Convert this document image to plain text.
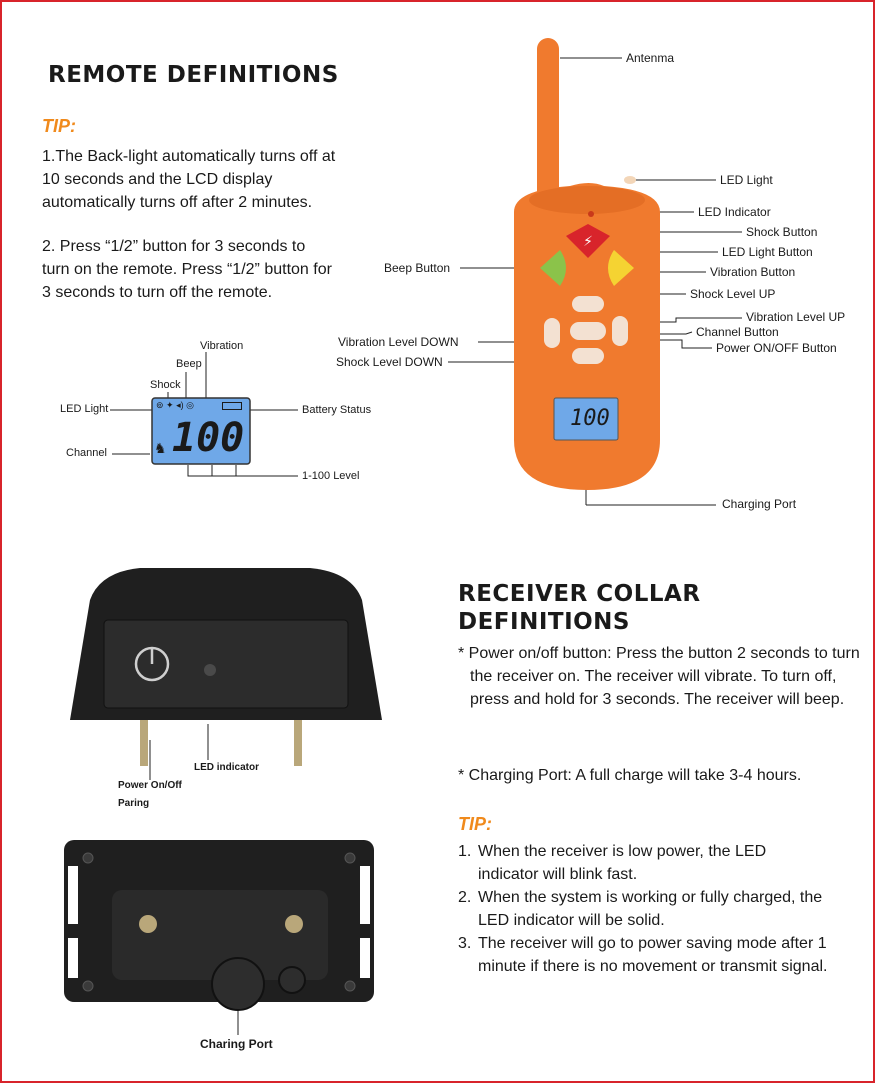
REMOTE DEFINITIONS
TIP:
1.The Back-light automatically turns off at 10 seconds and the LCD display automatically turns off after 2 minutes.
2. Press “1/2” button for 3 seconds to turn on the remote. Press “1/2” button for 3 seconds to turn off the remote.
⚡
⊚ ✦ ◂) ◎
♞ 100
Vibration
Beep
Shock
LED Light	Battery Status
Channel
1-100 Level
100
Antenma
LED Light
LED Indicator
Shock Button
LED Light Button
Beep Button	Vibration Button
Shock Level UP
Vibration Level UP
Channel Button
Vibration Level DOWN	Power ON/OFF Button
Shock Level DOWN
Charging Port
LED indicator
Power On/Off
Paring
Charing Port
RECEIVER COLLAR
DEFINITIONS
* Power on/off button: Press the button 2 seconds to turn the receiver on. The receiver will vibrate. To turn off, press and hold for 3 seconds. The receiver will beep.
* Charging Port: A full charge will take 3-4 hours.
TIP:
1. When the receiver is low power, the LED indicator will blink fast.
2. When the system is working or fully charged, the LED indicator will be solid.
3. The receiver will go to power saving mode after 1 minute if there is no movement or transmit signal.
